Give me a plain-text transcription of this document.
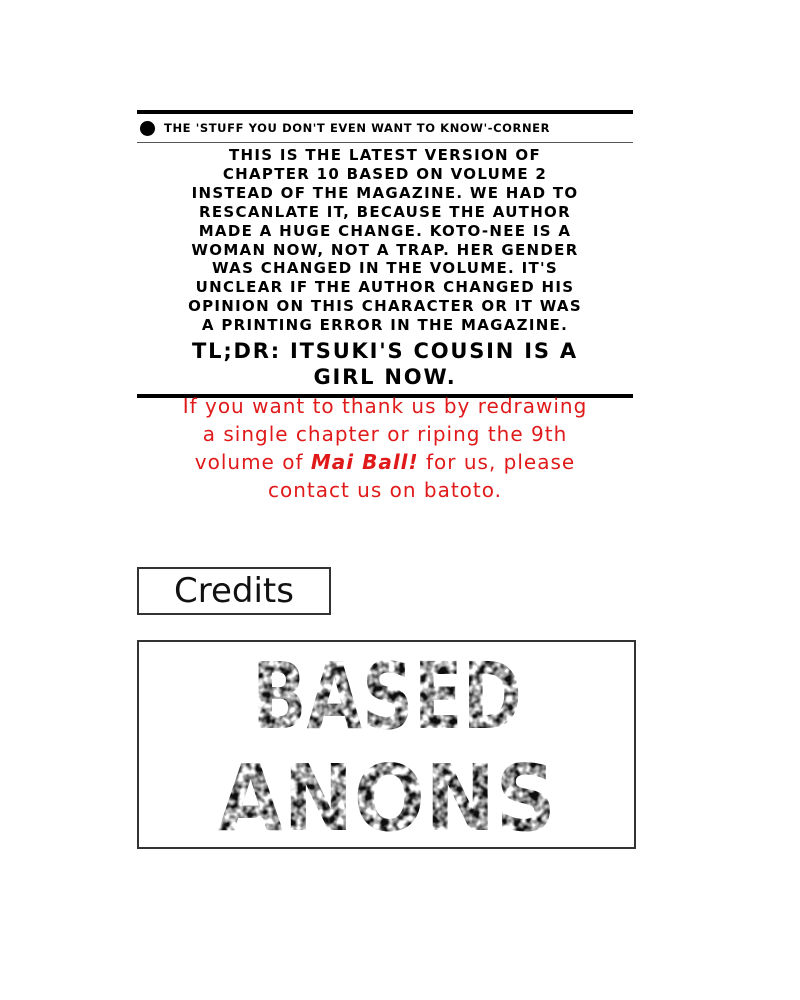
THE 'STUFF YOU DON'T EVEN WANT TO KNOW'-CORNER
THIS IS THE LATEST VERSION OF
CHAPTER 10 BASED ON VOLUME 2
INSTEAD OF THE MAGAZINE. WE HAD TO
RESCANLATE IT, BECAUSE THE AUTHOR
MADE A HUGE CHANGE. KOTO-NEE IS A
WOMAN NOW, NOT A TRAP. HER GENDER
WAS CHANGED IN THE VOLUME. IT'S
UNCLEAR IF THE AUTHOR CHANGED HIS
OPINION ON THIS CHARACTER OR IT WAS
A PRINTING ERROR IN THE MAGAZINE.
TL;DR: ITSUKI'S COUSIN IS A
GIRL NOW.
If you want to thank us by redrawing
a single chapter or riping the 9th
volume of Mai Ball! for us, please
contact us on batoto.
Credits
BASED
ANONS
